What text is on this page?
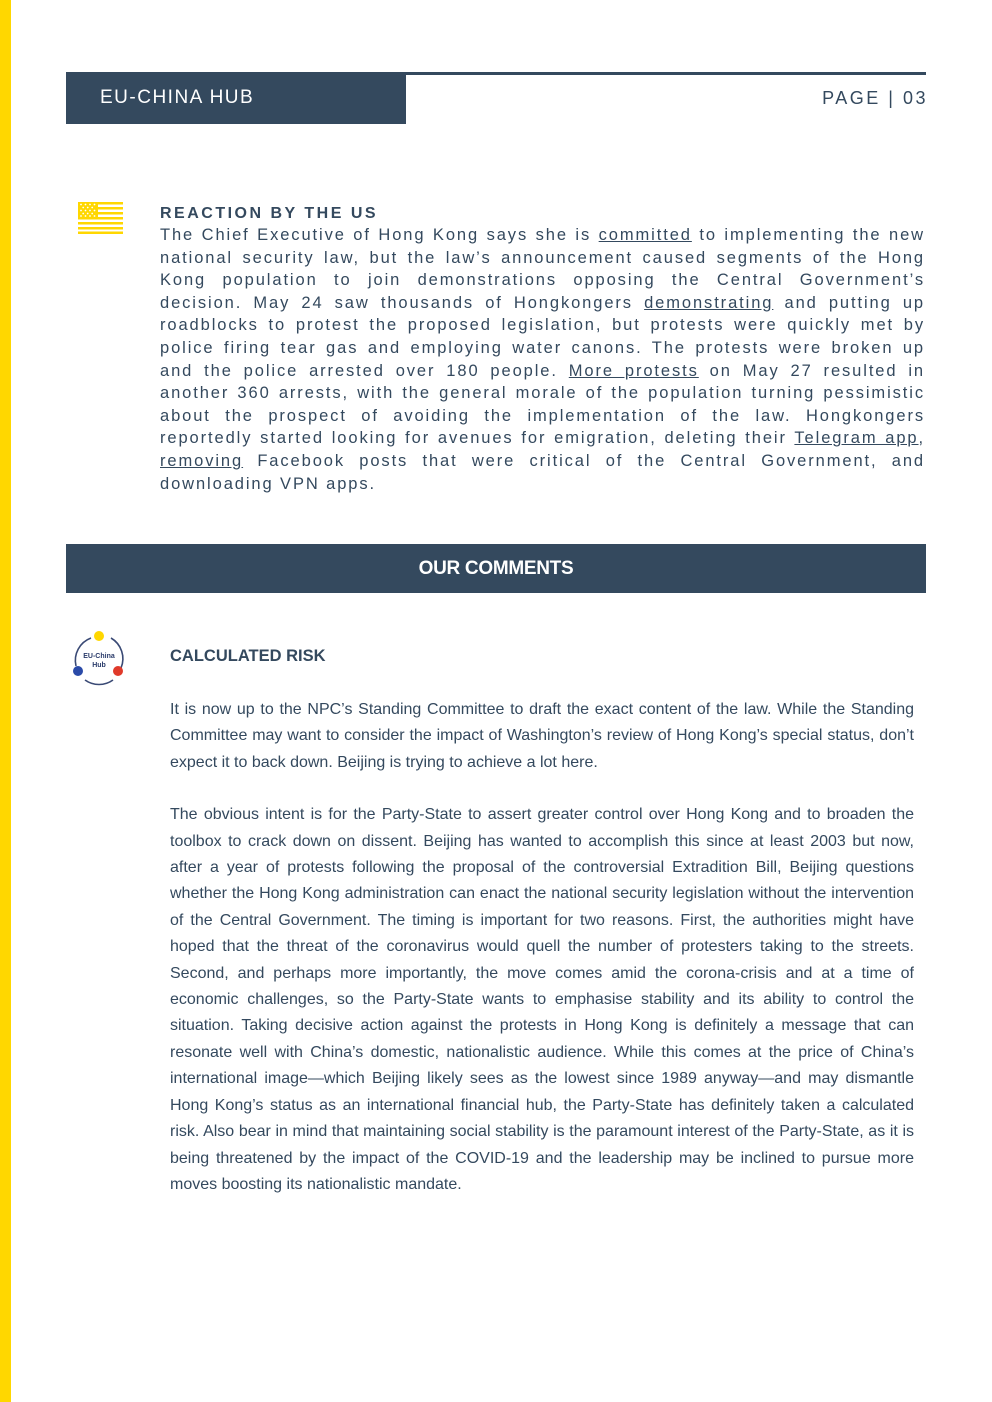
EU-CHINA HUB	PAGE | 03

REACTION BY THE US

The Chief Executive of Hong Kong says she is committed to implementing the new national security law, but the law’s announcement caused segments of the Hong Kong population to join demonstrations opposing the Central Government’s decision. May 24 saw thousands of Hongkongers demonstrating and putting up roadblocks to protest the proposed legislation, but protests were quickly met by police firing tear gas and employing water canons. The protests were broken up and the police arrested over 180 people. More protests on May 27 resulted in another 360 arrests, with the general morale of the population turning pessimistic about the prospect of avoiding the implementation of the law. Hongkongers reportedly started looking for avenues for emigration, deleting their Telegram app, removing Facebook posts that were critical of the Central Government, and downloading VPN apps.

OUR COMMENTS
EU-China
Hub

CALCULATED RISK

It is now up to the NPC’s Standing Committee to draft the exact content of the law. While the Standing Committee may want to consider the impact of Washington’s review of Hong Kong’s special status, don’t expect it to back down. Beijing is trying to achieve a lot here.

The obvious intent is for the Party-State to assert greater control over Hong Kong and to broaden the toolbox to crack down on dissent. Beijing has wanted to accomplish this since at least 2003 but now, after a year of protests following the proposal of the controversial Extradition Bill, Beijing questions whether the Hong Kong administration can enact the national security legislation without the intervention of the Central Government. The timing is important for two reasons. First, the authorities might have hoped that the threat of the coronavirus would quell the number of protesters taking to the streets. Second, and perhaps more importantly, the move comes amid the corona-crisis and at a time of economic challenges, so the Party-State wants to emphasise stability and its ability to control the situation. Taking decisive action against the protests in Hong Kong is definitely a message that can resonate well with China’s domestic, nationalistic audience. While this comes at the price of China’s international image—which Beijing likely sees as the lowest since 1989 anyway—and may dismantle Hong Kong’s status as an international financial hub, the Party-State has definitely taken a calculated risk. Also bear in mind that maintaining social stability is the paramount interest of the Party-State, as it is being threatened by the impact of the COVID-19 and the leadership may be inclined to pursue more moves boosting its nationalistic mandate.
